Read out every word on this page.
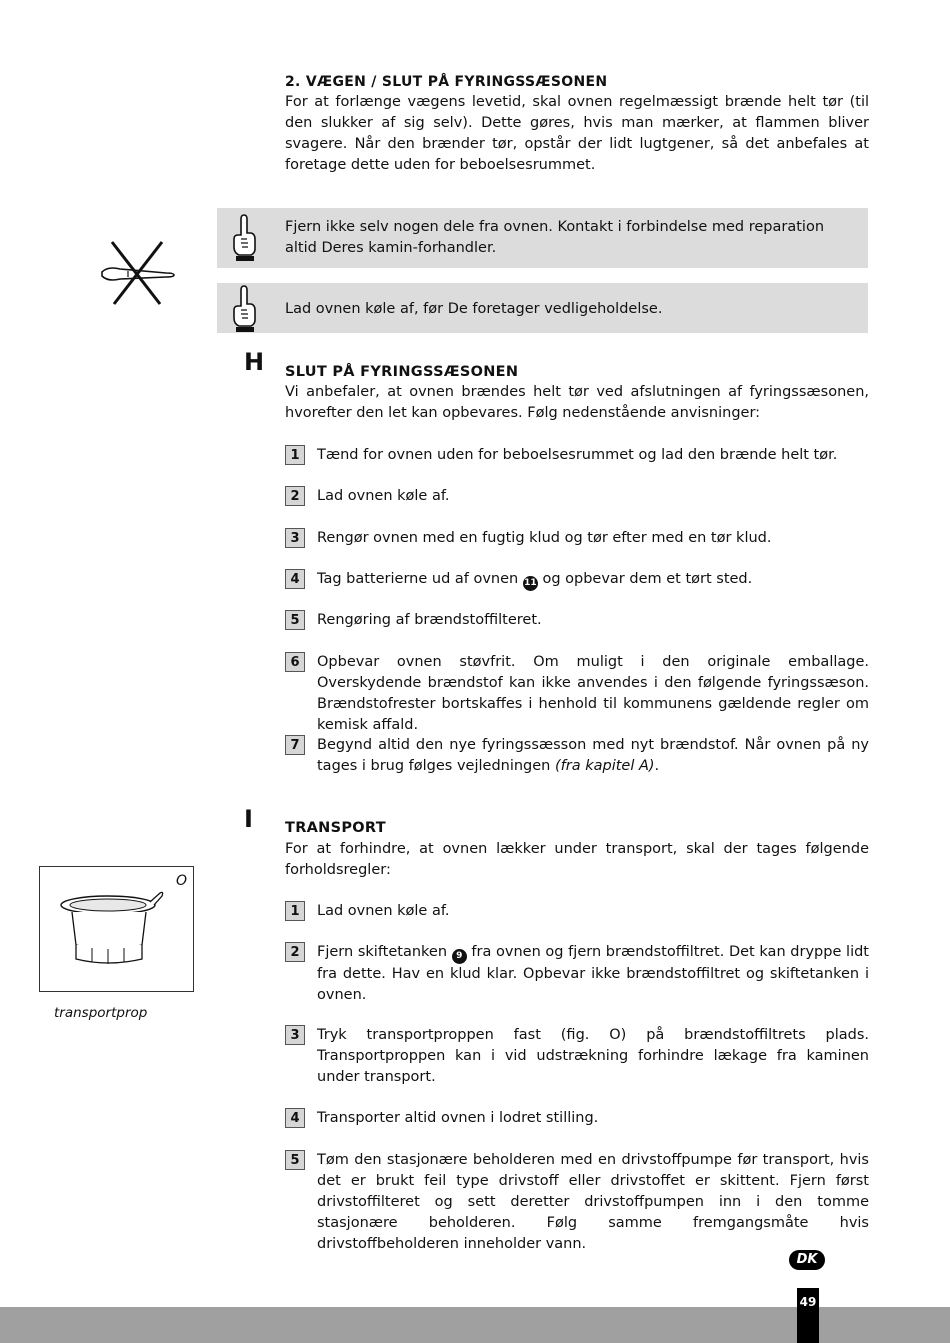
2. VÆGEN / SLUT PÅ FYRINGSSÆSONEN

For at forlænge vægens levetid, skal ovnen regelmæssigt brænde helt tør (til den slukker af sig selv). Dette gøres, hvis man mærker, at flammen bliver svagere. Når den brænder tør, opstår der lidt lugtgener, så det anbefales at foretage dette uden for beboelsesrummet.

Fjern ikke selv nogen dele fra ovnen. Kontakt i forbindelse med reparation altid Deres kamin-forhandler.
Lad ovnen køle af, før De foretager vedligeholdelse.
H SLUT PÅ FYRINGSSÆSONEN

Vi anbefaler, at ovnen brændes helt tør ved afslutningen af fyringssæsonen, hvorefter den let kan opbevares. Følg nedenstående anvisninger:

1	Tænd for ovnen uden for beboelsesrummet og lad den brænde helt tør.
2	Lad ovnen køle af.
3	Rengør ovnen med en fugtig klud og tør efter med en tør klud.
4	Tag batterierne ud af ovnen 11 og opbevar dem et tørt sted.
5	Rengøring af brændstoffilteret.
6	Opbevar ovnen støvfrit. Om muligt i den originale emballage. Overskydende brændstof kan ikke anvendes i den følgende fyringssæson. Brændstofrester bortskaffes i henhold til kommunens gældende regler om kemisk affald.
7	Begynd altid den nye fyringssæsson med nyt brændstof. Når ovnen på ny tages i brug følges vejledningen (fra kapitel A).
I TRANSPORT

For at forhindre, at ovnen lækker under transport, skal der tages følgende forholdsregler:

1	Lad ovnen køle af.
2	Fjern skiftetanken 9 fra ovnen og fjern brændstoffiltret. Det kan dryppe lidt fra dette. Hav en klud klar. Opbevar ikke brændstoffiltret og skiftetanken i ovnen.
3	Tryk transportproppen fast (fig. O) på brændstoffiltrets plads. Transportproppen kan i vid udstrækning forhindre lækage fra kaminen under transport.
4	Transporter altid ovnen i lodret stilling.
5	Tøm den stasjonære beholderen med en drivstoffpumpe før transport, hvis det er brukt feil type drivstoff eller drivstoffet er skittent. Fjern først drivstoffilteret og sett deretter drivstoffpumpen inn i den tomme stasjonære beholderen. Følg samme fremgangsmåte hvis drivstoffbeholderen inneholder vann.
O
transportprop
DK
49
